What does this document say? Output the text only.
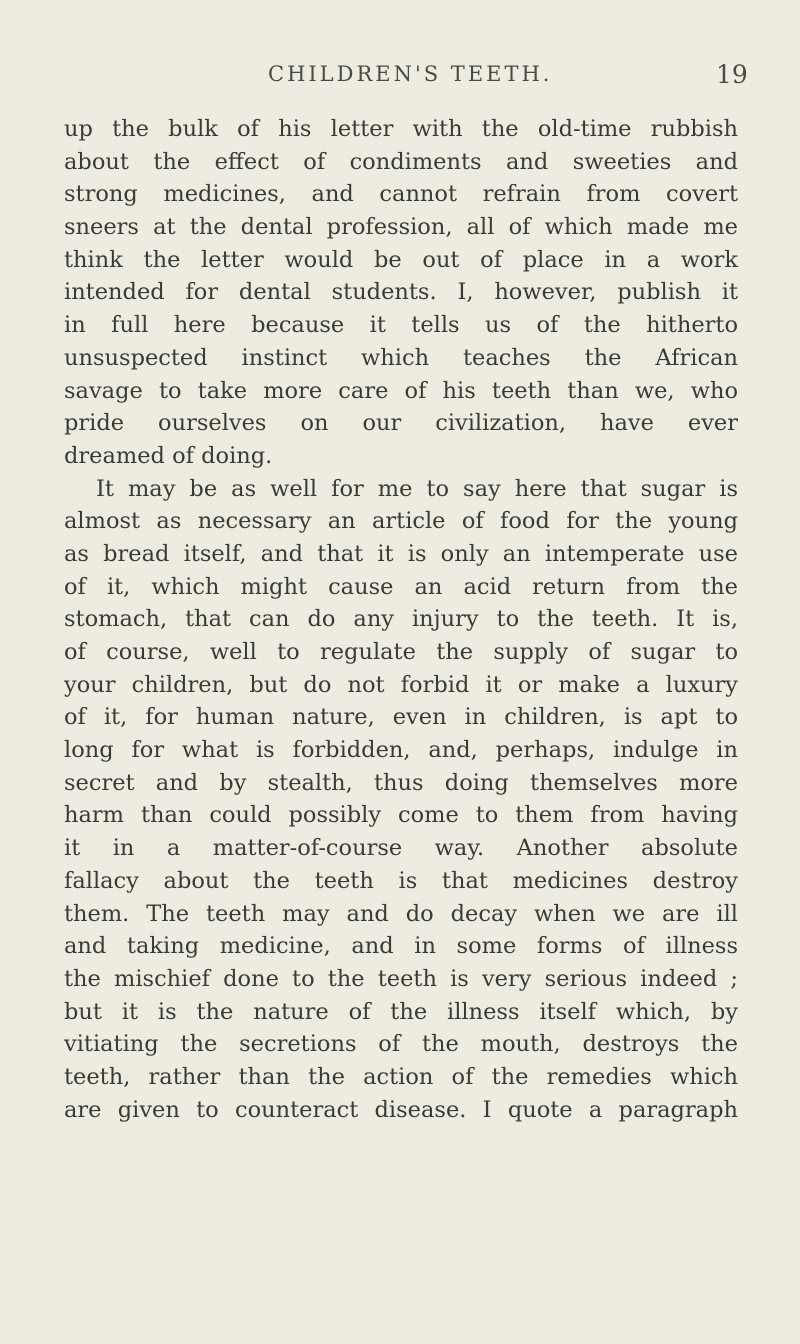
CHILDREN'S TEETH.	19
up the bulk of his letter with the old-time rubbish
about the effect of condiments and sweeties and
strong medicines, and cannot refrain from covert
sneers at the dental profession, all of which made me
think the letter would be out of place in a work
intended for dental students. I, however, publish it
in full here because it tells us of the hitherto
unsuspected instinct which teaches the African
savage to take more care of his teeth than we, who
pride ourselves on our civilization, have ever
dreamed of doing.
It may be as well for me to say here that sugar is
almost as necessary an article of food for the young
as bread itself, and that it is only an intemperate use
of it, which might cause an acid return from the
stomach, that can do any injury to the teeth. It is,
of course, well to regulate the supply of sugar to
your children, but do not forbid it or make a luxury
of it, for human nature, even in children, is apt to
long for what is forbidden, and, perhaps, indulge in
secret and by stealth, thus doing themselves more
harm than could possibly come to them from having
it in a matter-of-course way. Another absolute
fallacy about the teeth is that medicines destroy
them. The teeth may and do decay when we are ill
and taking medicine, and in some forms of illness
the mischief done to the teeth is very serious indeed ;
but it is the nature of the illness itself which, by
vitiating the secretions of the mouth, destroys the
teeth, rather than the action of the remedies which
are given to counteract disease. I quote a paragraph
